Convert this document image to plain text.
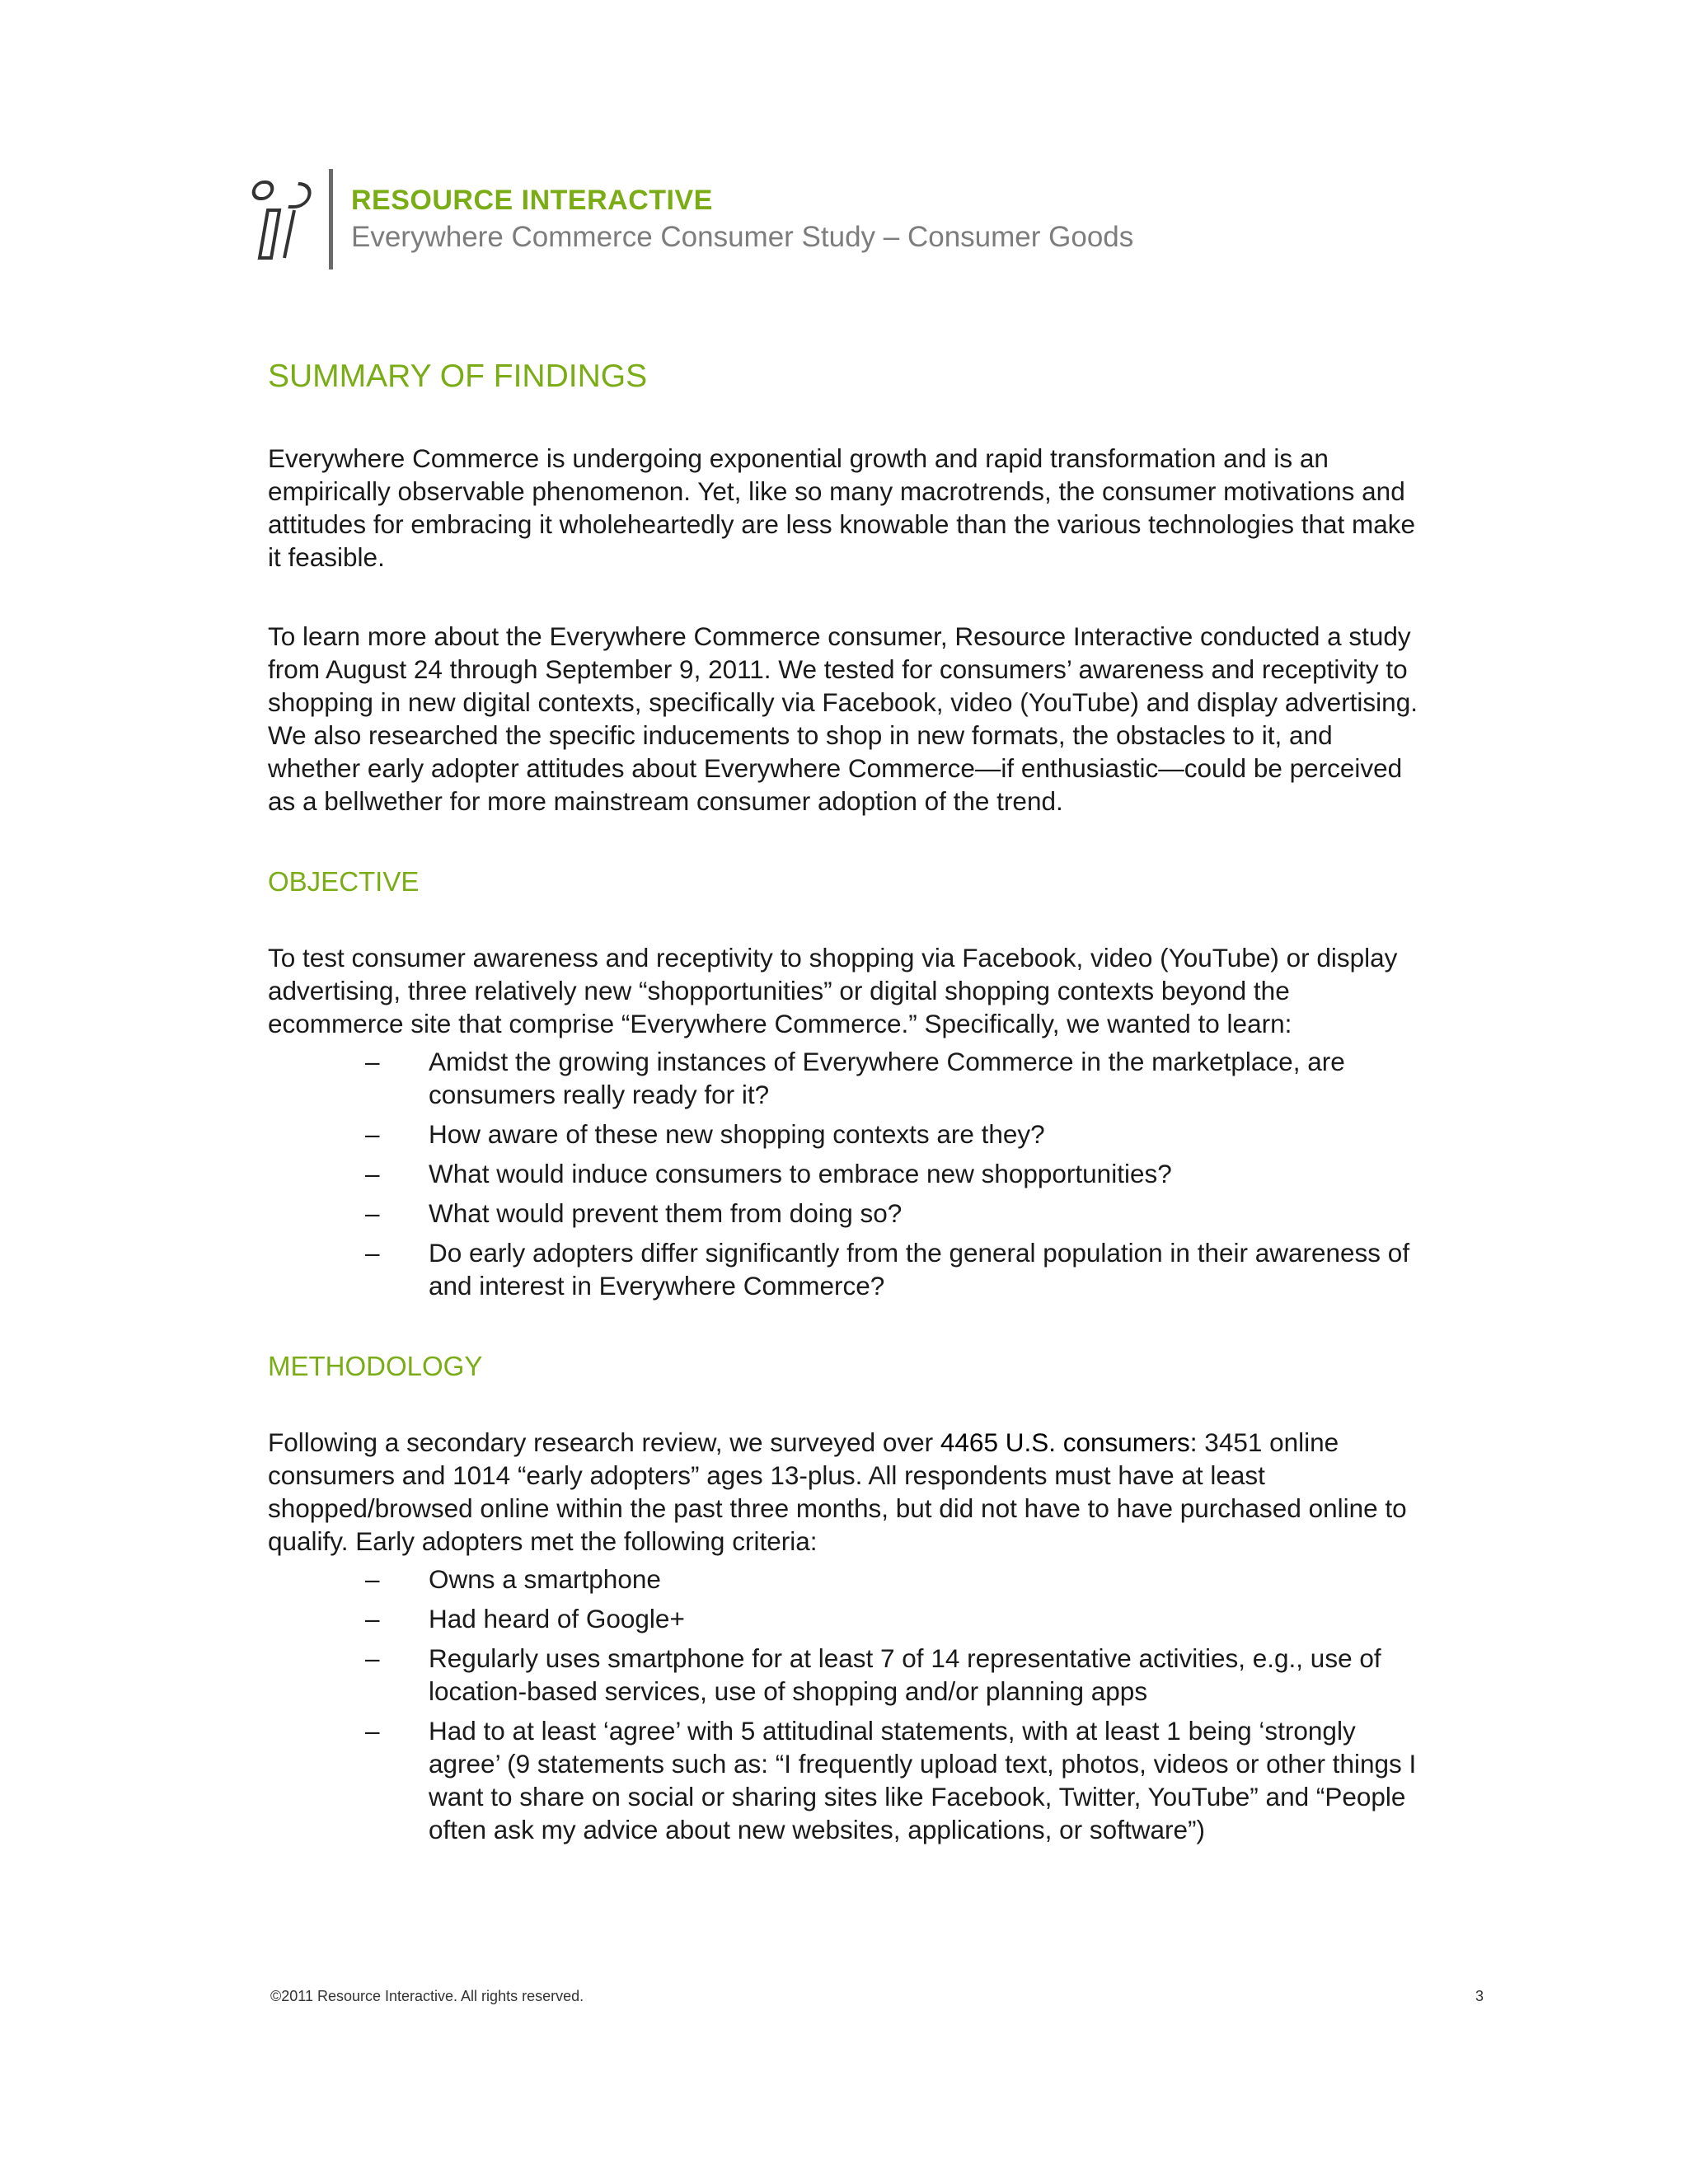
RESOURCE INTERACTIVE
Everywhere Commerce Consumer Study – Consumer Goods
SUMMARY OF FINDINGS

Everywhere Commerce is undergoing exponential growth and rapid transformation and is an empirically observable phenomenon. Yet, like so many macrotrends, the consumer motivations and attitudes for embracing it wholeheartedly are less knowable than the various technologies that make it feasible.

To learn more about the Everywhere Commerce consumer, Resource Interactive conducted a study from August 24 through September 9, 2011. We tested for consumers’ awareness and receptivity to shopping in new digital contexts, specifically via Facebook, video (YouTube) and display advertising. We also researched the specific inducements to shop in new formats, the obstacles to it, and whether early adopter attitudes about Everywhere Commerce—if enthusiastic—could be perceived as a bellwether for more mainstream consumer adoption of the trend.

OBJECTIVE

To test consumer awareness and receptivity to shopping via Facebook, video (YouTube) or display advertising, three relatively new “shopportunities” or digital shopping contexts beyond the ecommerce site that comprise “Everywhere Commerce.” Specifically, we wanted to learn:

–	Amidst the growing instances of Everywhere Commerce in the marketplace, are consumers really ready for it?
–	How aware of these new shopping contexts are they?
–	What would induce consumers to embrace new shopportunities?
–	What would prevent them from doing so?
–	Do early adopters differ significantly from the general population in their awareness of and interest in Everywhere Commerce?
METHODOLOGY

Following a secondary research review, we surveyed over 4465 U.S. consumers: 3451 online consumers and 1014 “early adopters” ages 13-plus. All respondents must have at least shopped/browsed online within the past three months, but did not have to have purchased online to qualify. Early adopters met the following criteria:

–	Owns a smartphone
–	Had heard of Google+
–	Regularly uses smartphone for at least 7 of 14 representative activities, e.g., use of location-based services, use of shopping and/or planning apps
–	Had to at least ‘agree’ with 5 attitudinal statements, with at least 1 being ‘strongly agree’ (9 statements such as: “I frequently upload text, photos, videos or other things I want to share on social or sharing sites like Facebook, Twitter, YouTube” and “People often ask my advice about new websites, applications, or software”)
©2011 Resource Interactive. All rights reserved.	3
